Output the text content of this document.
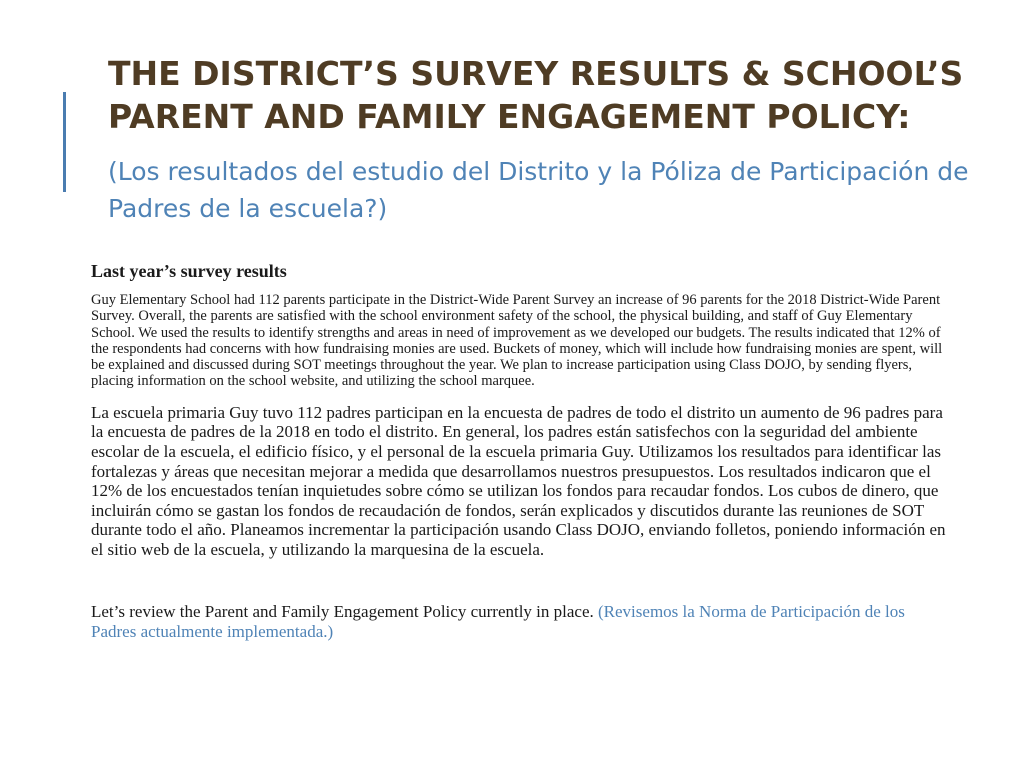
THE DISTRICT’S SURVEY RESULTS & SCHOOL’S PARENT AND FAMILY ENGAGEMENT POLICY:

(Los resultados del estudio del Distrito y la Póliza de Participación de Padres de la escuela?)

Last year’s survey results

Guy Elementary School had 112 parents participate in the District-Wide Parent Survey an increase of 96 parents for the 2018 District-Wide Parent Survey. Overall, the parents are satisfied with the school environment safety of the school, the physical building, and staff of Guy Elementary School. We used the results to identify strengths and areas in need of improvement as we developed our budgets. The results indicated that 12% of the respondents had concerns with how fundraising monies are used. Buckets of money, which will include how fundraising monies are spent, will be explained and discussed during SOT meetings throughout the year. We plan to increase participation using Class DOJO, by sending flyers, placing information on the school website, and utilizing the school marquee.

La escuela primaria Guy tuvo 112 padres participan en la encuesta de padres de todo el distrito un aumento de 96 padres para la encuesta de padres de la 2018 en todo el distrito. En general, los padres están satisfechos con la seguridad del ambiente escolar de la escuela, el edificio físico, y el personal de la escuela primaria Guy. Utilizamos los resultados para identificar las fortalezas y áreas que necesitan mejorar a medida que desarrollamos nuestros presupuestos. Los resultados indicaron que el 12% de los encuestados tenían inquietudes sobre cómo se utilizan los fondos para recaudar fondos. Los cubos de dinero, que incluirán cómo se gastan los fondos de recaudación de fondos, serán explicados y discutidos durante las reuniones de SOT durante todo el año. Planeamos incrementar la participación usando Class DOJO, enviando folletos, poniendo información en el sitio web de la escuela, y utilizando la marquesina de la escuela.

Let’s review the Parent and Family Engagement Policy currently in place. (Revisemos la Norma de Participación de los Padres actualmente implementada.)
